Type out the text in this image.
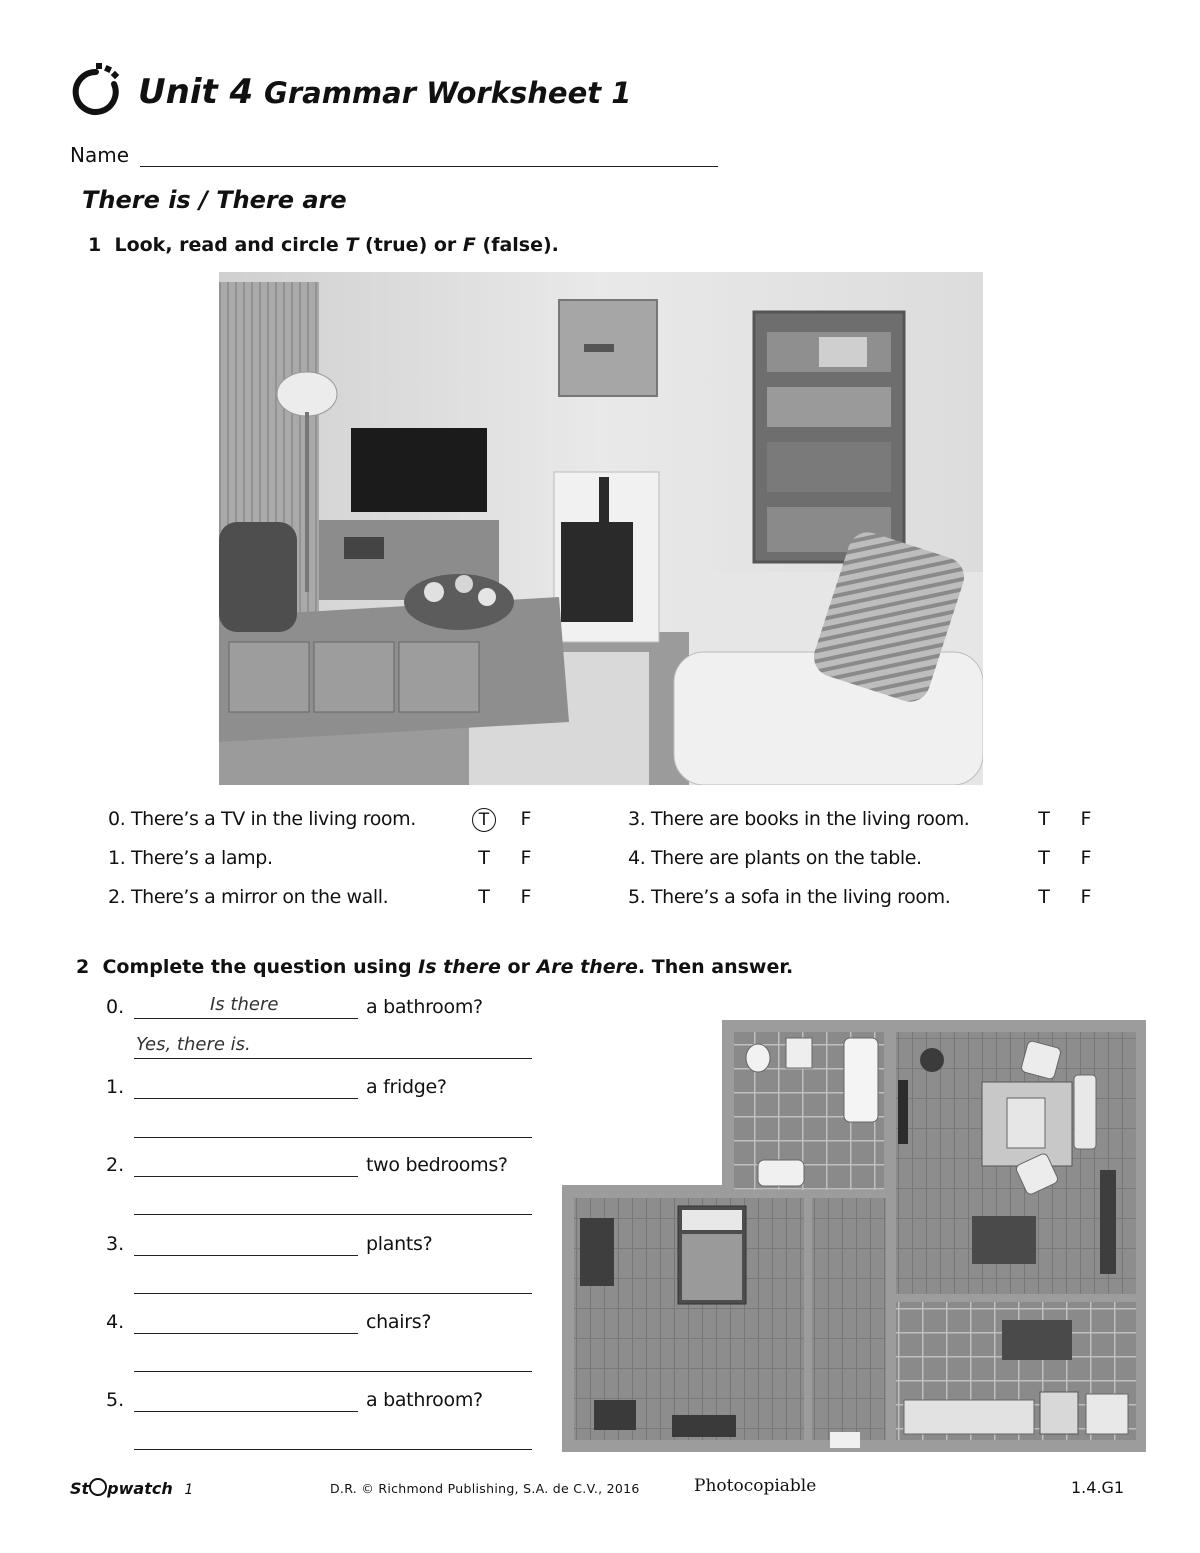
Unit 4 Grammar Worksheet 1
Name
There is / There are
1 Look, read and circle T (true) or F (false).
0. There’s a TV in the living room.	T	F
1. There’s a lamp.	T F
2. There’s a mirror on the wall.	T F
3. There are books in the living room.	T F
4. There are plants on the table.	T F
5. There’s a sofa in the living room.	T F
2 Complete the question using Is there or Are there. Then answer.
0.	Is there	a bathroom?
Yes, there is.
1.	a fridge?
2.	two bedrooms?
3.	plants?
4.	chairs?
5.	a bathroom?
St pwatch 1	D.R. © Richmond Publishing, S.A. de C.V., 2016	Photocopiable	1.4.G1
